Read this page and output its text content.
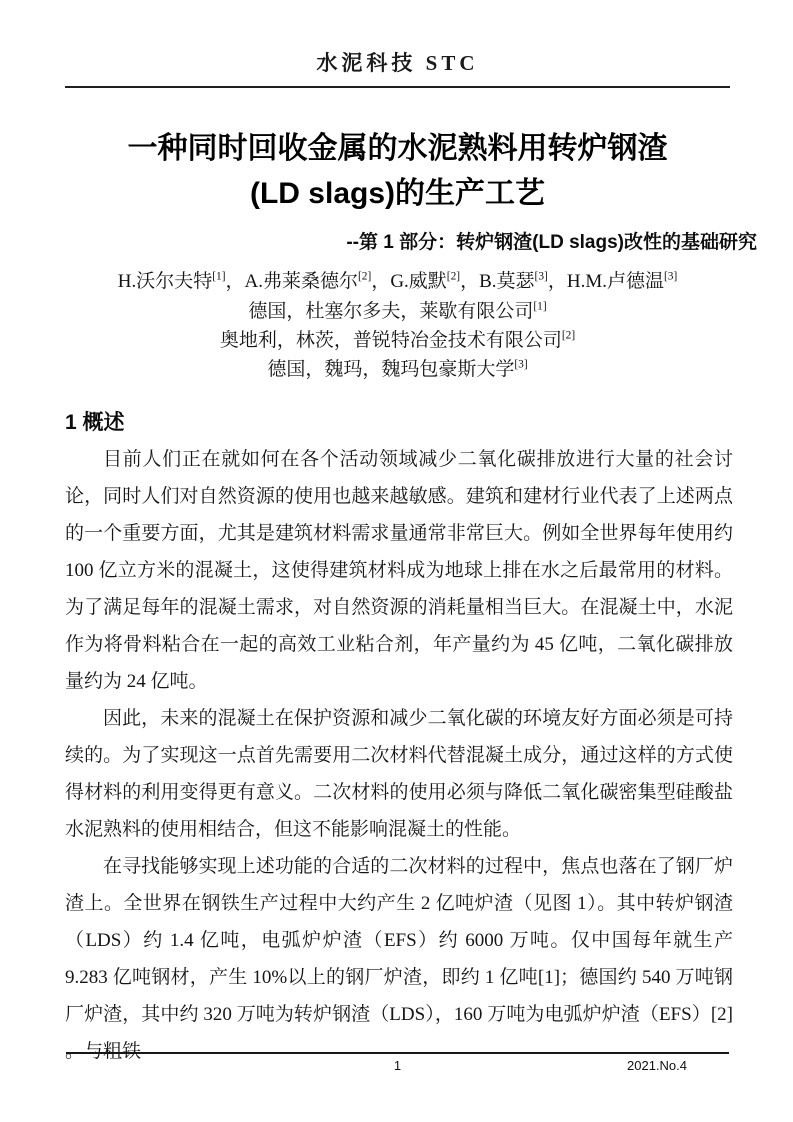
水泥科技 STC
一种同时回收金属的水泥熟料用转炉钢渣
(LD slags)的生产工艺
--第 1 部分：转炉钢渣(LD slags)改性的基础研究
H.沃尔夫特[1]，A.弗莱桑德尔[2]，G.威默[2]，B.莫瑟[3]，H.M.卢德温[3]
德国，杜塞尔多夫，莱歇有限公司[1]
奥地利，林茨，普锐特冶金技术有限公司[2]
德国，魏玛，魏玛包豪斯大学[3]
1 概述

目前人们正在就如何在各个活动领域减少二氧化碳排放进行大量的社会讨论，同时人们对自然资源的使用也越来越敏感。建筑和建材行业代表了上述两点的一个重要方面，尤其是建筑材料需求量通常非常巨大。例如全世界每年使用约 100 亿立方米的混凝土，这使得建筑材料成为地球上排在水之后最常用的材料。为了满足每年的混凝土需求，对自然资源的消耗量相当巨大。在混凝土中，水泥作为将骨料粘合在一起的高效工业粘合剂，年产量约为 45 亿吨，二氧化碳排放量约为 24 亿吨。

因此，未来的混凝土在保护资源和减少二氧化碳的环境友好方面必须是可持续的。为了实现这一点首先需要用二次材料代替混凝土成分，通过这样的方式使得材料的利用变得更有意义。二次材料的使用必须与降低二氧化碳密集型硅酸盐水泥熟料的使用相结合，但这不能影响混凝土的性能。

在寻找能够实现上述功能的合适的二次材料的过程中，焦点也落在了钢厂炉渣上。全世界在钢铁生产过程中大约产生 2 亿吨炉渣（见图 1）。其中转炉钢渣（LDS）约 1.4 亿吨，电弧炉炉渣（EFS）约 6000 万吨。仅中国每年就生产 9.283 亿吨钢材，产生 10%以上的钢厂炉渣，即约 1 亿吨[1]；德国约 540 万吨钢厂炉渣，其中约 320 万吨为转炉钢渣（LDS），160 万吨为电弧炉炉渣（EFS）[2] 。与粗铁

1	2021.No.4
